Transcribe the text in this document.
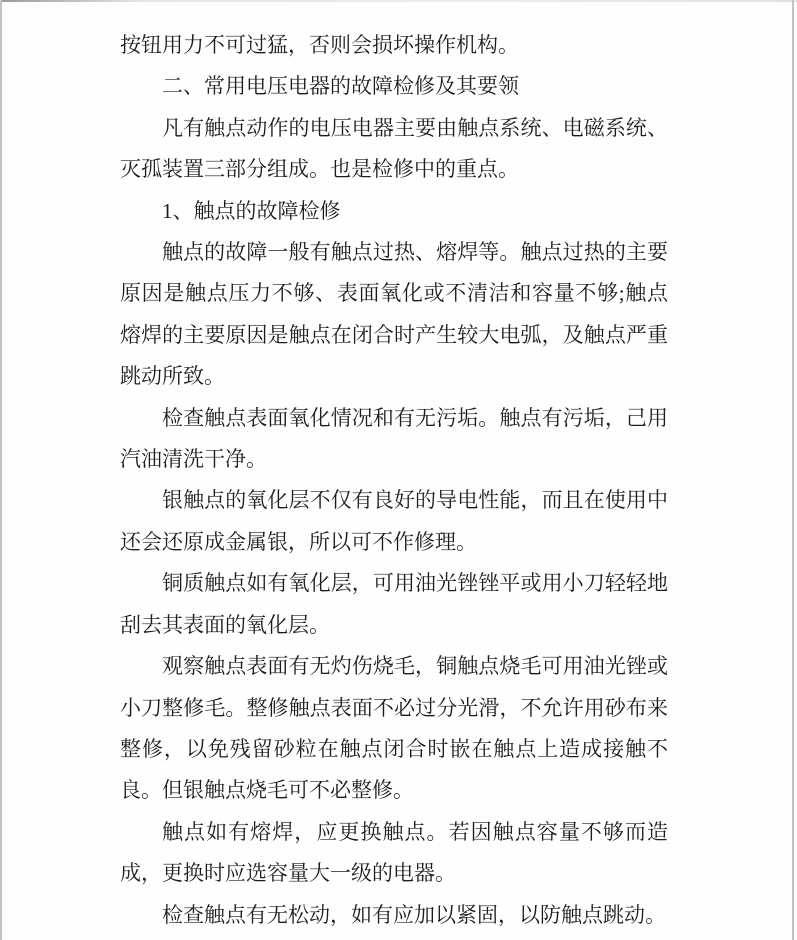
按钮用力不可过猛，否则会损坏操作机构。

二、常用电压电器的故障检修及其要领

凡有触点动作的电压电器主要由触点系统、电磁系统、灭孤装置三部分组成。也是检修中的重点。

1、触点的故障检修

触点的故障一般有触点过热、熔焊等。触点过热的主要原因是触点压力不够、表面氧化或不清洁和容量不够;触点熔焊的主要原因是触点在闭合时产生较大电弧，及触点严重跳动所致。

检查触点表面氧化情况和有无污垢。触点有污垢，己用汽油清洗干净。

银触点的氧化层不仅有良好的导电性能，而且在使用中还会还原成金属银，所以可不作修理。

铜质触点如有氧化层，可用油光锉锉平或用小刀轻轻地刮去其表面的氧化层。

观察触点表面有无灼伤烧毛，铜触点烧毛可用油光锉或小刀整修毛。整修触点表面不必过分光滑，不允许用砂布来整修，以免残留砂粒在触点闭合时嵌在触点上造成接触不良。但银触点烧毛可不必整修。

触点如有熔焊，应更换触点。若因触点容量不够而造成，更换时应选容量大一级的电器。

检查触点有无松动，如有应加以紧固，以防触点跳动。
